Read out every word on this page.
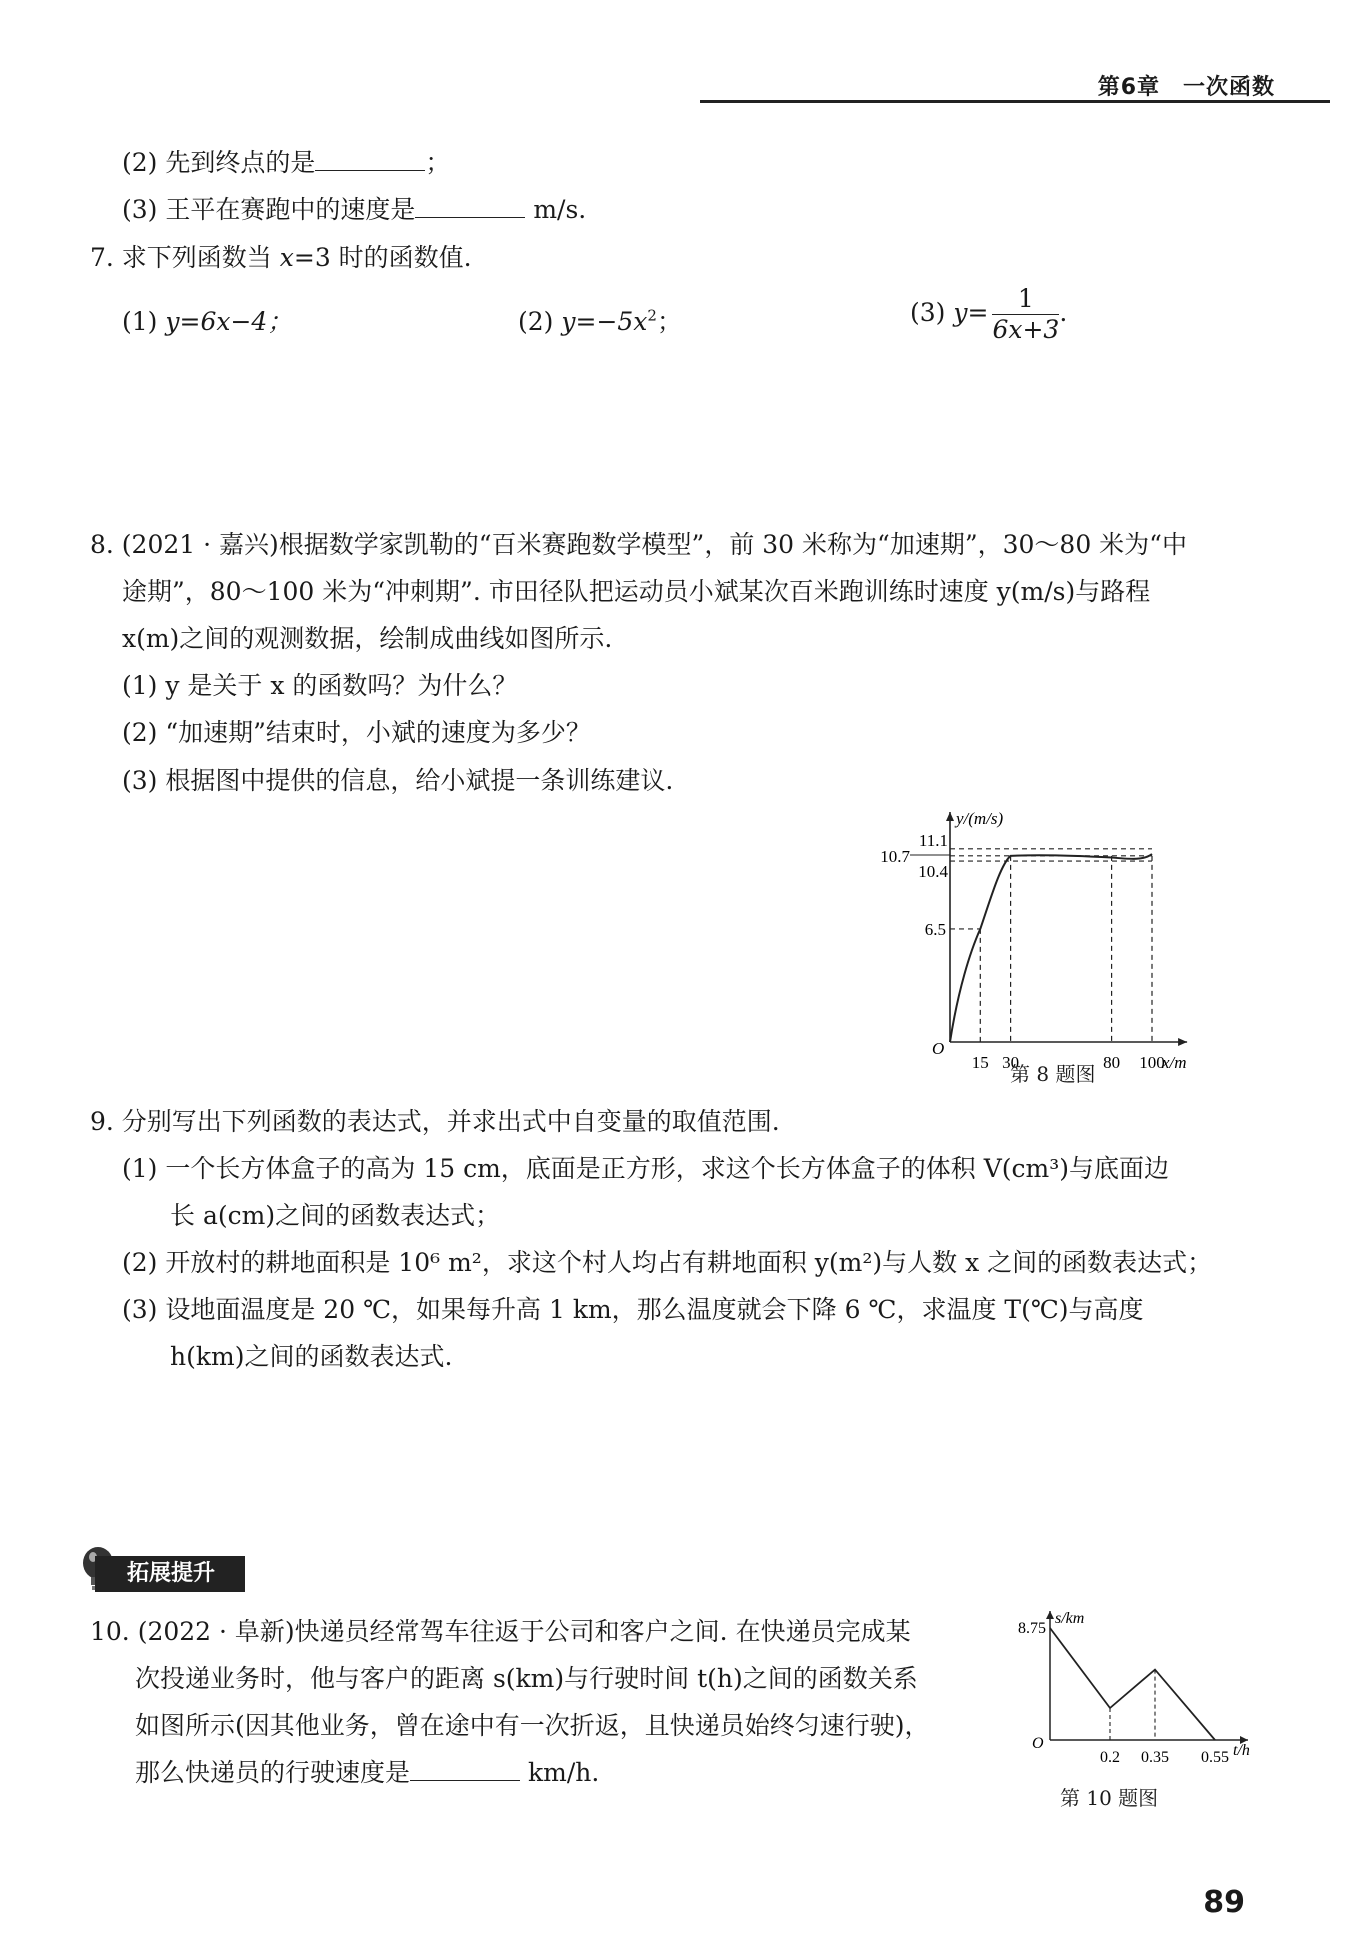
第6章　一次函数
(2) 先到终点的是	；
(3) 王平在赛跑中的速度是	m/s.
7. 求下列函数当 x=3 时的函数值.
(1) y=6x−4；	(2) $y=-5x^2$；	(3) $y= \frac{1}{6x+3}$ .
8. (2021 · 嘉兴)根据数学家凯勒的“百米赛跑数学模型”，前 30 米称为“加速期”，30～80 米为“中
途期”，80～100 米为“冲刺期”. 市田径队把运动员小斌某次百米跑训练时速度 y(m/s)与路程
x(m)之间的观测数据，绘制成曲线如图所示.
(1) y 是关于 x 的函数吗？为什么？
(2) “加速期”结束时，小斌的速度为多少？
(3) 根据图中提供的信息，给小斌提一条训练建议.
y/(m/s)
x/m
O
15 30	80 100
6.5
11.1
10.4
10.7
第 8 题图
9. 分别写出下列函数的表达式，并求出式中自变量的取值范围.
(1) 一个长方体盒子的高为 15 cm，底面是正方形，求这个长方体盒子的体积 V(cm³)与底面边
长 a(cm)之间的函数表达式；
(2) 开放村的耕地面积是 10⁶ m²，求这个村人均占有耕地面积 y(m²)与人数 x 之间的函数表达式；
(3) 设地面温度是 20 ℃，如果每升高 1 km，那么温度就会下降 6 ℃，求温度 T(℃)与高度
h(km)之间的函数表达式.
拓展提升
10. (2022 · 阜新)快递员经常驾车往返于公司和客户之间. 在快递员完成某
次投递业务时，他与客户的距离 s(km)与行驶时间 t(h)之间的函数关系
如图所示(因其他业务，曾在途中有一次折返，且快递员始终匀速行驶)，
那么快递员的行驶速度是	km/h.
s/km
t/h
O
8.75
0.2 0.35 0.55
第 10 题图
89
